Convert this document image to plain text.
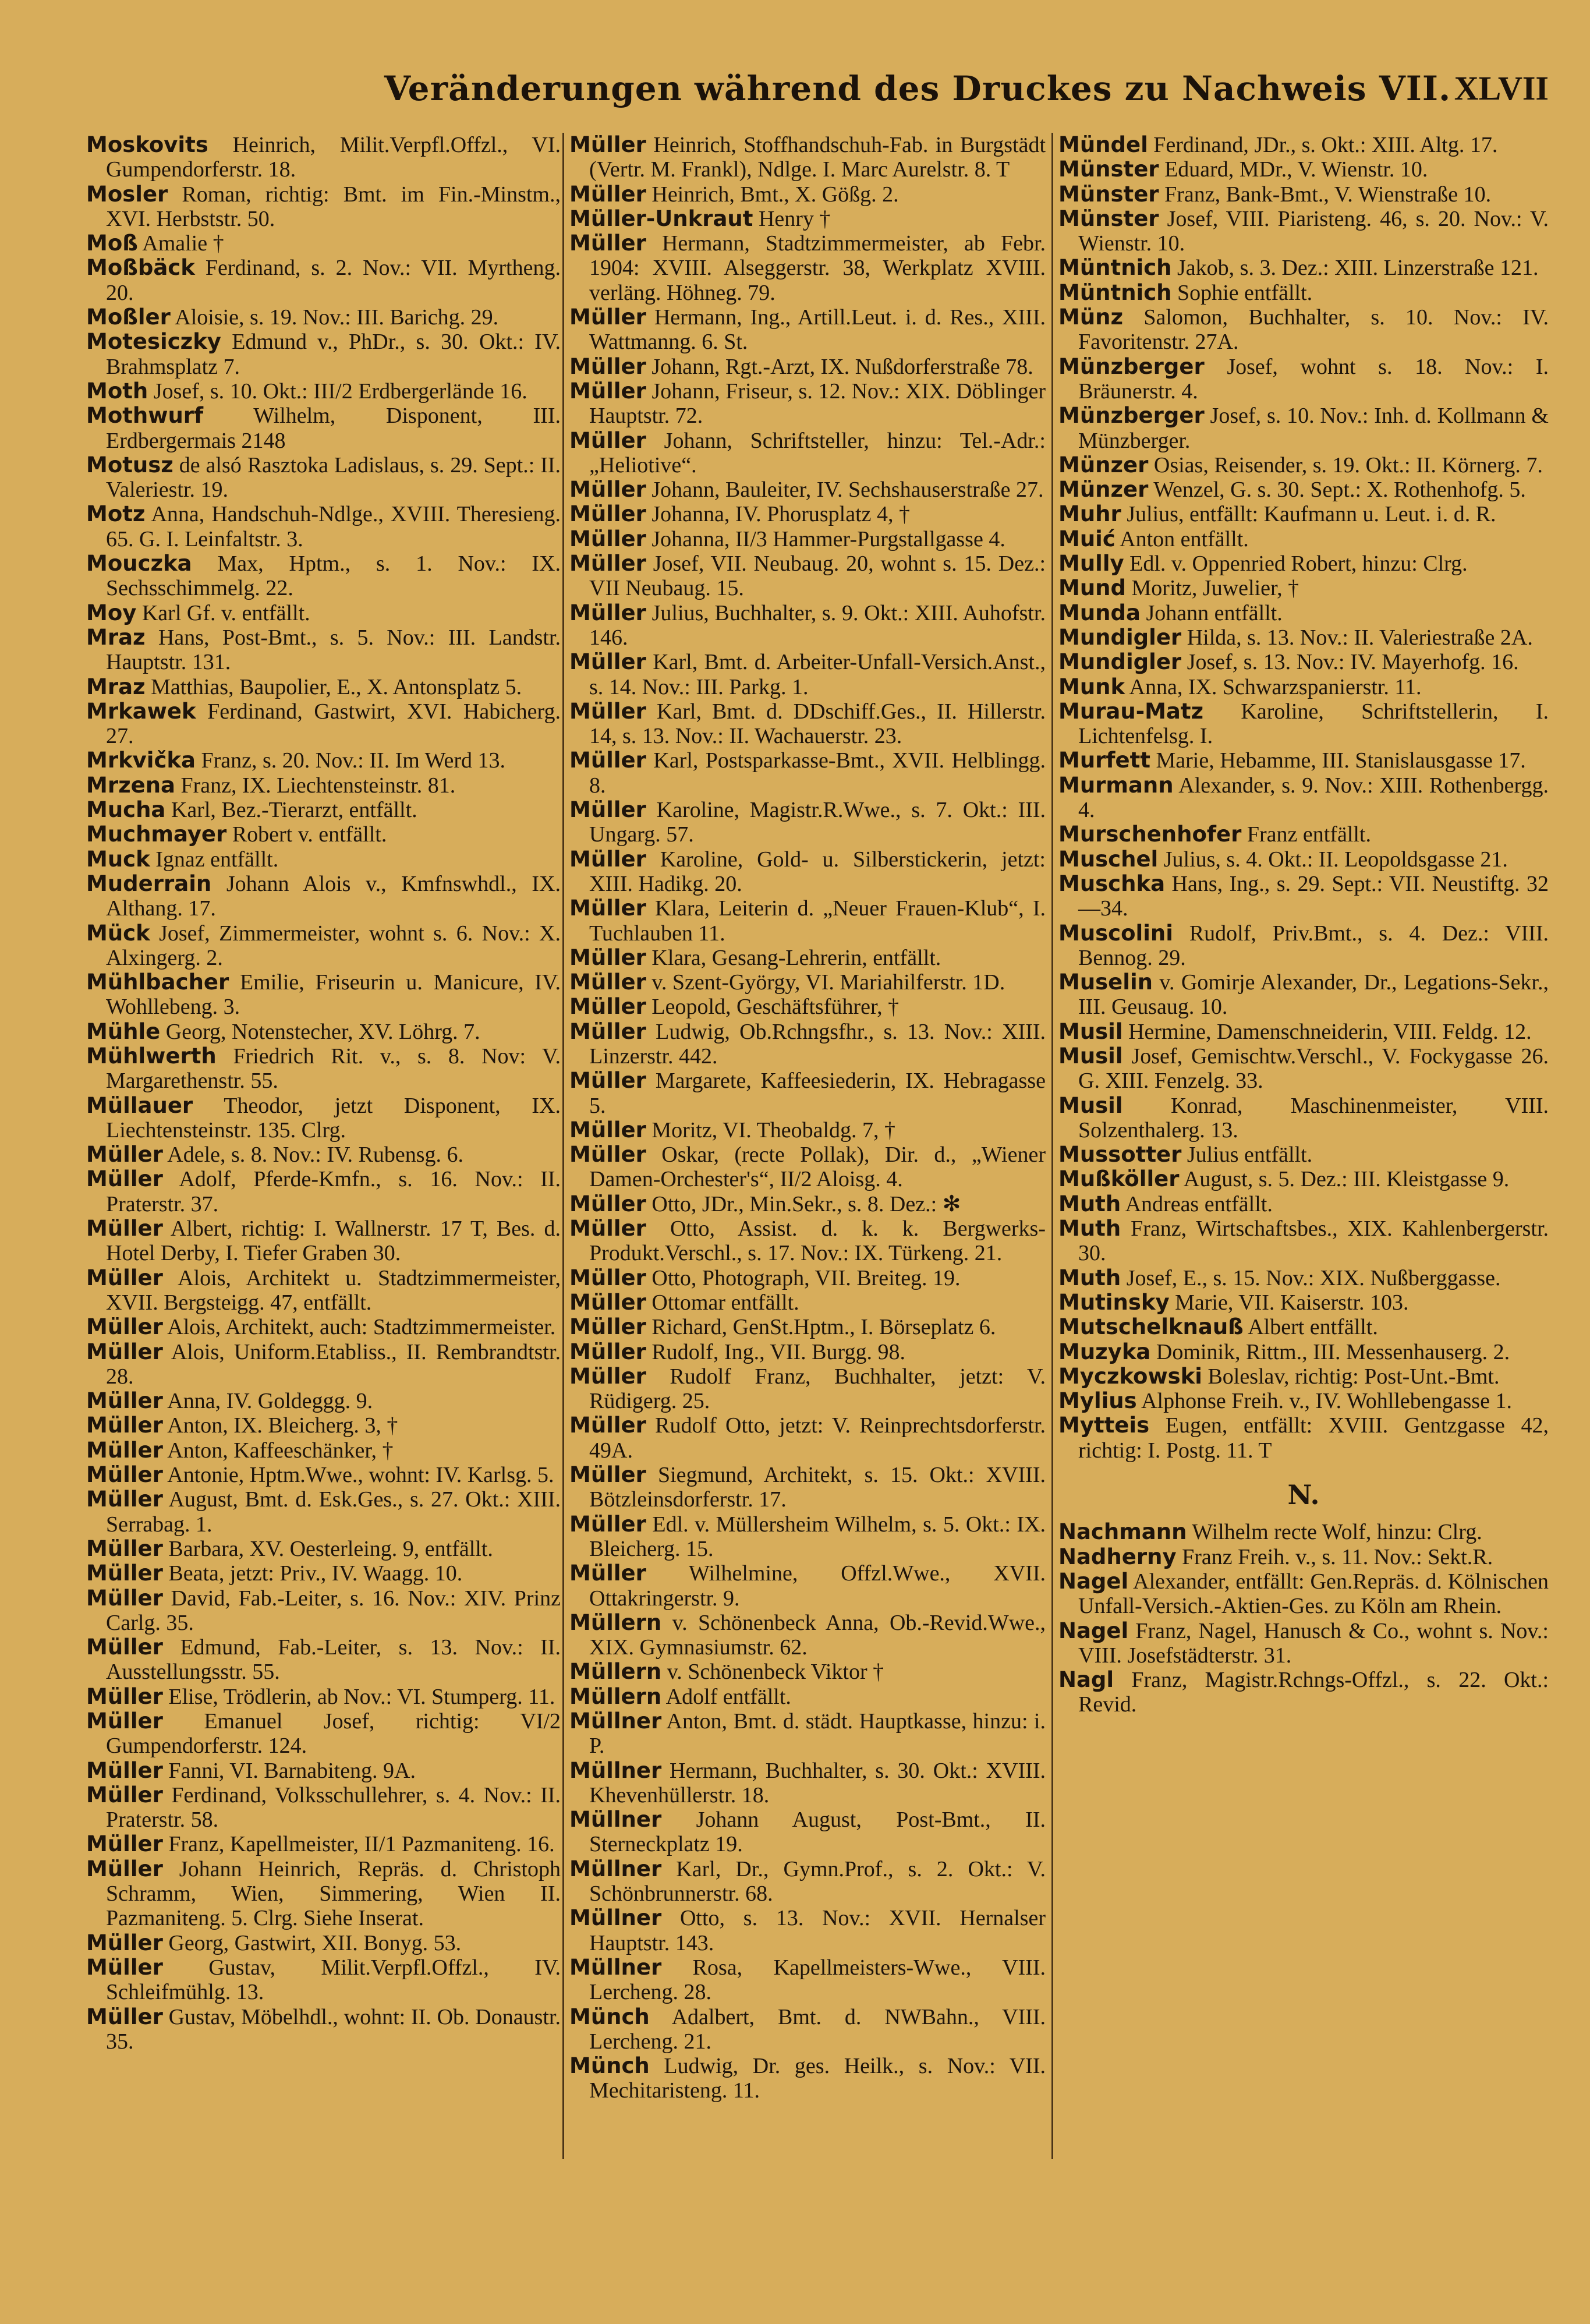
Veränderungen während des Druckes zu Nachweis VII. XLVII

Moskovits Heinrich, Milit.Verpfl.Offzl., VI. Gumpendorferstr. 18.

Mosler Roman, richtig: Bmt. im Fin.-Minstm., XVI. Herbststr. 50.

Moß Amalie †

Moßbäck Ferdinand, s. 2. Nov.: VII. Myrtheng. 20.

Moßler Aloisie, s. 19. Nov.: III. Barichg. 29.

Motesiczky Edmund v., PhDr., s. 30. Okt.: IV. Brahmsplatz 7.

Moth Josef, s. 10. Okt.: III/2 Erdbergerlände 16.

Mothwurf Wilhelm, Disponent, III. Erdbergermais 2148

Motusz de alsó Rasztoka Ladislaus, s. 29. Sept.: II. Valeriestr. 19.

Motz Anna, Handschuh-Ndlge., XVIII. Theresieng. 65. G. I. Leinfaltstr. 3.

Mouczka Max, Hptm., s. 1. Nov.: IX. Sechsschimmelg. 22.

Moy Karl Gf. v. entfällt.

Mraz Hans, Post-Bmt., s. 5. Nov.: III. Landstr. Hauptstr. 131.

Mraz Matthias, Baupolier, E., X. Antonsplatz 5.

Mrkawek Ferdinand, Gastwirt, XVI. Habicherg. 27.

Mrkvička Franz, s. 20. Nov.: II. Im Werd 13.

Mrzena Franz, IX. Liechtensteinstr. 81.

Mucha Karl, Bez.-Tierarzt, entfällt.

Muchmayer Robert v. entfällt.

Muck Ignaz entfällt.

Muderrain Johann Alois v., Kmfnswhdl., IX. Althang. 17.

Mück Josef, Zimmermeister, wohnt s. 6. Nov.: X. Alxingerg. 2.

Mühlbacher Emilie, Friseurin u. Manicure, IV. Wohllebeng. 3.

Mühle Georg, Notenstecher, XV. Löhrg. 7.

Mühlwerth Friedrich Rit. v., s. 8. Nov: V. Margarethenstr. 55.

Müllauer Theodor, jetzt Disponent, IX. Liechtensteinstr. 135. Clrg.

Müller Adele, s. 8. Nov.: IV. Rubensg. 6.

Müller Adolf, Pferde-Kmfn., s. 16. Nov.: II. Praterstr. 37.

Müller Albert, richtig: I. Wallnerstr. 17 T, Bes. d. Hotel Derby, I. Tiefer Graben 30.

Müller Alois, Architekt u. Stadtzimmermeister, XVII. Bergsteigg. 47, entfällt.

Müller Alois, Architekt, auch: Stadtzimmermeister.

Müller Alois, Uniform.Etabliss., II. Rembrandtstr. 28.

Müller Anna, IV. Goldeggg. 9.

Müller Anton, IX. Bleicherg. 3, †

Müller Anton, Kaffeeschänker, †

Müller Antonie, Hptm.Wwe., wohnt: IV. Karlsg. 5.

Müller August, Bmt. d. Esk.Ges., s. 27. Okt.: XIII. Serrabag. 1.

Müller Barbara, XV. Oesterleing. 9, entfällt.

Müller Beata, jetzt: Priv., IV. Waagg. 10.

Müller David, Fab.-Leiter, s. 16. Nov.: XIV. Prinz Carlg. 35.

Müller Edmund, Fab.-Leiter, s. 13. Nov.: II. Ausstellungsstr. 55.

Müller Elise, Trödlerin, ab Nov.: VI. Stumperg. 11.

Müller Emanuel Josef, richtig: VI/2 Gumpendorferstr. 124.

Müller Fanni, VI. Barnabiteng. 9A.

Müller Ferdinand, Volksschullehrer, s. 4. Nov.: II. Praterstr. 58.

Müller Franz, Kapellmeister, II/1 Pazmaniteng. 16.

Müller Johann Heinrich, Repräs. d. Christoph Schramm, Wien, Simmering, Wien II. Pazmaniteng. 5. Clrg. Siehe Inserat.

Müller Georg, Gastwirt, XII. Bonyg. 53.

Müller Gustav, Milit.Verpfl.Offzl., IV. Schleifmühlg. 13.

Müller Gustav, Möbelhdl., wohnt: II. Ob. Donaustr. 35.

Müller Heinrich, Stoffhandschuh-Fab. in Burgstädt (Vertr. M. Frankl), Ndlge. I. Marc Aurelstr. 8. T

Müller Heinrich, Bmt., X. Gößg. 2.

Müller-Unkraut Henry †

Müller Hermann, Stadtzimmermeister, ab Febr. 1904: XVIII. Alseggerstr. 38, Werkplatz XVIII. verläng. Höhneg. 79.

Müller Hermann, Ing., Artill.Leut. i. d. Res., XIII. Wattmanng. 6. St.

Müller Johann, Rgt.-Arzt, IX. Nußdorferstraße 78.

Müller Johann, Friseur, s. 12. Nov.: XIX. Döblinger Hauptstr. 72.

Müller Johann, Schriftsteller, hinzu: Tel.-Adr.: „Heliotive“.

Müller Johann, Bauleiter, IV. Sechshauserstraße 27.

Müller Johanna, IV. Phorusplatz 4, †

Müller Johanna, II/3 Hammer-Purgstallgasse 4.

Müller Josef, VII. Neubaug. 20, wohnt s. 15. Dez.: VII Neubaug. 15.

Müller Julius, Buchhalter, s. 9. Okt.: XIII. Auhofstr. 146.

Müller Karl, Bmt. d. Arbeiter-Unfall-Versich.Anst., s. 14. Nov.: III. Parkg. 1.

Müller Karl, Bmt. d. DDschiff.Ges., II. Hillerstr. 14, s. 13. Nov.: II. Wachauerstr. 23.

Müller Karl, Postsparkasse-Bmt., XVII. Helblingg. 8.

Müller Karoline, Magistr.R.Wwe., s. 7. Okt.: III. Ungarg. 57.

Müller Karoline, Gold- u. Silberstickerin, jetzt: XIII. Hadikg. 20.

Müller Klara, Leiterin d. „Neuer Frauen-Klub“, I. Tuchlauben 11.

Müller Klara, Gesang-Lehrerin, entfällt.

Müller v. Szent-György, VI. Mariahilferstr. 1D.

Müller Leopold, Geschäftsführer, †

Müller Ludwig, Ob.Rchngsfhr., s. 13. Nov.: XIII. Linzerstr. 442.

Müller Margarete, Kaffeesiederin, IX. Hebragasse 5.

Müller Moritz, VI. Theobaldg. 7, †

Müller Oskar, (recte Pollak), Dir. d., „Wiener Damen-Orchester's“, II/2 Aloisg. 4.

Müller Otto, JDr., Min.Sekr., s. 8. Dez.: ✻

Müller Otto, Assist. d. k. k. Bergwerks-Produkt.Verschl., s. 17. Nov.: IX. Türkeng. 21.

Müller Otto, Photograph, VII. Breiteg. 19.

Müller Ottomar entfällt.

Müller Richard, GenSt.Hptm., I. Börseplatz 6.

Müller Rudolf, Ing., VII. Burgg. 98.

Müller Rudolf Franz, Buchhalter, jetzt: V. Rüdigerg. 25.

Müller Rudolf Otto, jetzt: V. Reinprechtsdorferstr. 49A.

Müller Siegmund, Architekt, s. 15. Okt.: XVIII. Bötzleinsdorferstr. 17.

Müller Edl. v. Müllersheim Wilhelm, s. 5. Okt.: IX. Bleicherg. 15.

Müller Wilhelmine, Offzl.Wwe., XVII. Ottakringerstr. 9.

Müllern v. Schönenbeck Anna, Ob.-Revid.Wwe., XIX. Gymnasiumstr. 62.

Müllern v. Schönenbeck Viktor †

Müllern Adolf entfällt.

Müllner Anton, Bmt. d. städt. Hauptkasse, hinzu: i. P.

Müllner Hermann, Buchhalter, s. 30. Okt.: XVIII. Khevenhüllerstr. 18.

Müllner Johann August, Post-Bmt., II. Sterneckplatz 19.

Müllner Karl, Dr., Gymn.Prof., s. 2. Okt.: V. Schönbrunnerstr. 68.

Müllner Otto, s. 13. Nov.: XVII. Hernalser Hauptstr. 143.

Müllner Rosa, Kapellmeisters-Wwe., VIII. Lercheng. 28.

Münch Adalbert, Bmt. d. NWBahn., VIII. Lercheng. 21.

Münch Ludwig, Dr. ges. Heilk., s. Nov.: VII. Mechitaristeng. 11.

Mündel Ferdinand, JDr., s. Okt.: XIII. Altg. 17.

Münster Eduard, MDr., V. Wienstr. 10.

Münster Franz, Bank-Bmt., V. Wienstraße 10.

Münster Josef, VIII. Piaristeng. 46, s. 20. Nov.: V. Wienstr. 10.

Müntnich Jakob, s. 3. Dez.: XIII. Linzerstraße 121.

Müntnich Sophie entfällt.

Münz Salomon, Buchhalter, s. 10. Nov.: IV. Favoritenstr. 27A.

Münzberger Josef, wohnt s. 18. Nov.: I. Bräunerstr. 4.

Münzberger Josef, s. 10. Nov.: Inh. d. Kollmann & Münzberger.

Münzer Osias, Reisender, s. 19. Okt.: II. Körnerg. 7.

Münzer Wenzel, G. s. 30. Sept.: X. Rothenhofg. 5.

Muhr Julius, entfällt: Kaufmann u. Leut. i. d. R.

Muić Anton entfällt.

Mully Edl. v. Oppenried Robert, hinzu: Clrg.

Mund Moritz, Juwelier, †

Munda Johann entfällt.

Mundigler Hilda, s. 13. Nov.: II. Valeriestraße 2A.

Mundigler Josef, s. 13. Nov.: IV. Mayerhofg. 16.

Munk Anna, IX. Schwarzspanierstr. 11.

Murau-Matz Karoline, Schriftstellerin, I. Lichtenfelsg. I.

Murfett Marie, Hebamme, III. Stanislausgasse 17.

Murmann Alexander, s. 9. Nov.: XIII. Rothenbergg. 4.

Murschenhofer Franz entfällt.

Muschel Julius, s. 4. Okt.: II. Leopoldsgasse 21.

Muschka Hans, Ing., s. 29. Sept.: VII. Neustiftg. 32—34.

Muscolini Rudolf, Priv.Bmt., s. 4. Dez.: VIII. Bennog. 29.

Muselin v. Gomirje Alexander, Dr., Legations-Sekr., III. Geusaug. 10.

Musil Hermine, Damenschneiderin, VIII. Feldg. 12.

Musil Josef, Gemischtw.Verschl., V. Fockygasse 26. G. XIII. Fenzelg. 33.

Musil Konrad, Maschinenmeister, VIII. Solzenthalerg. 13.

Mussotter Julius entfällt.

Mußköller August, s. 5. Dez.: III. Kleistgasse 9.

Muth Andreas entfällt.

Muth Franz, Wirtschaftsbes., XIX. Kahlenbergerstr. 30.

Muth Josef, E., s. 15. Nov.: XIX. Nußberggasse.

Mutinsky Marie, VII. Kaiserstr. 103.

Mutschelknauß Albert entfällt.

Muzyka Dominik, Rittm., III. Messenhauserg. 2.

Myczkowski Boleslav, richtig: Post-Unt.-Bmt.

Mylius Alphonse Freih. v., IV. Wohllebengasse 1.

Mytteis Eugen, entfällt: XVIII. Gentzgasse 42, richtig: I. Postg. 11. T

N.

Nachmann Wilhelm recte Wolf, hinzu: Clrg.

Nadherny Franz Freih. v., s. 11. Nov.: Sekt.R.

Nagel Alexander, entfällt: Gen.Repräs. d. Kölnischen Unfall-Versich.-Aktien-Ges. zu Köln am Rhein.

Nagel Franz, Nagel, Hanusch & Co., wohnt s. Nov.: VIII. Josefstädterstr. 31.

Nagl Franz, Magistr.Rchngs-Offzl., s. 22. Okt.: Revid.
